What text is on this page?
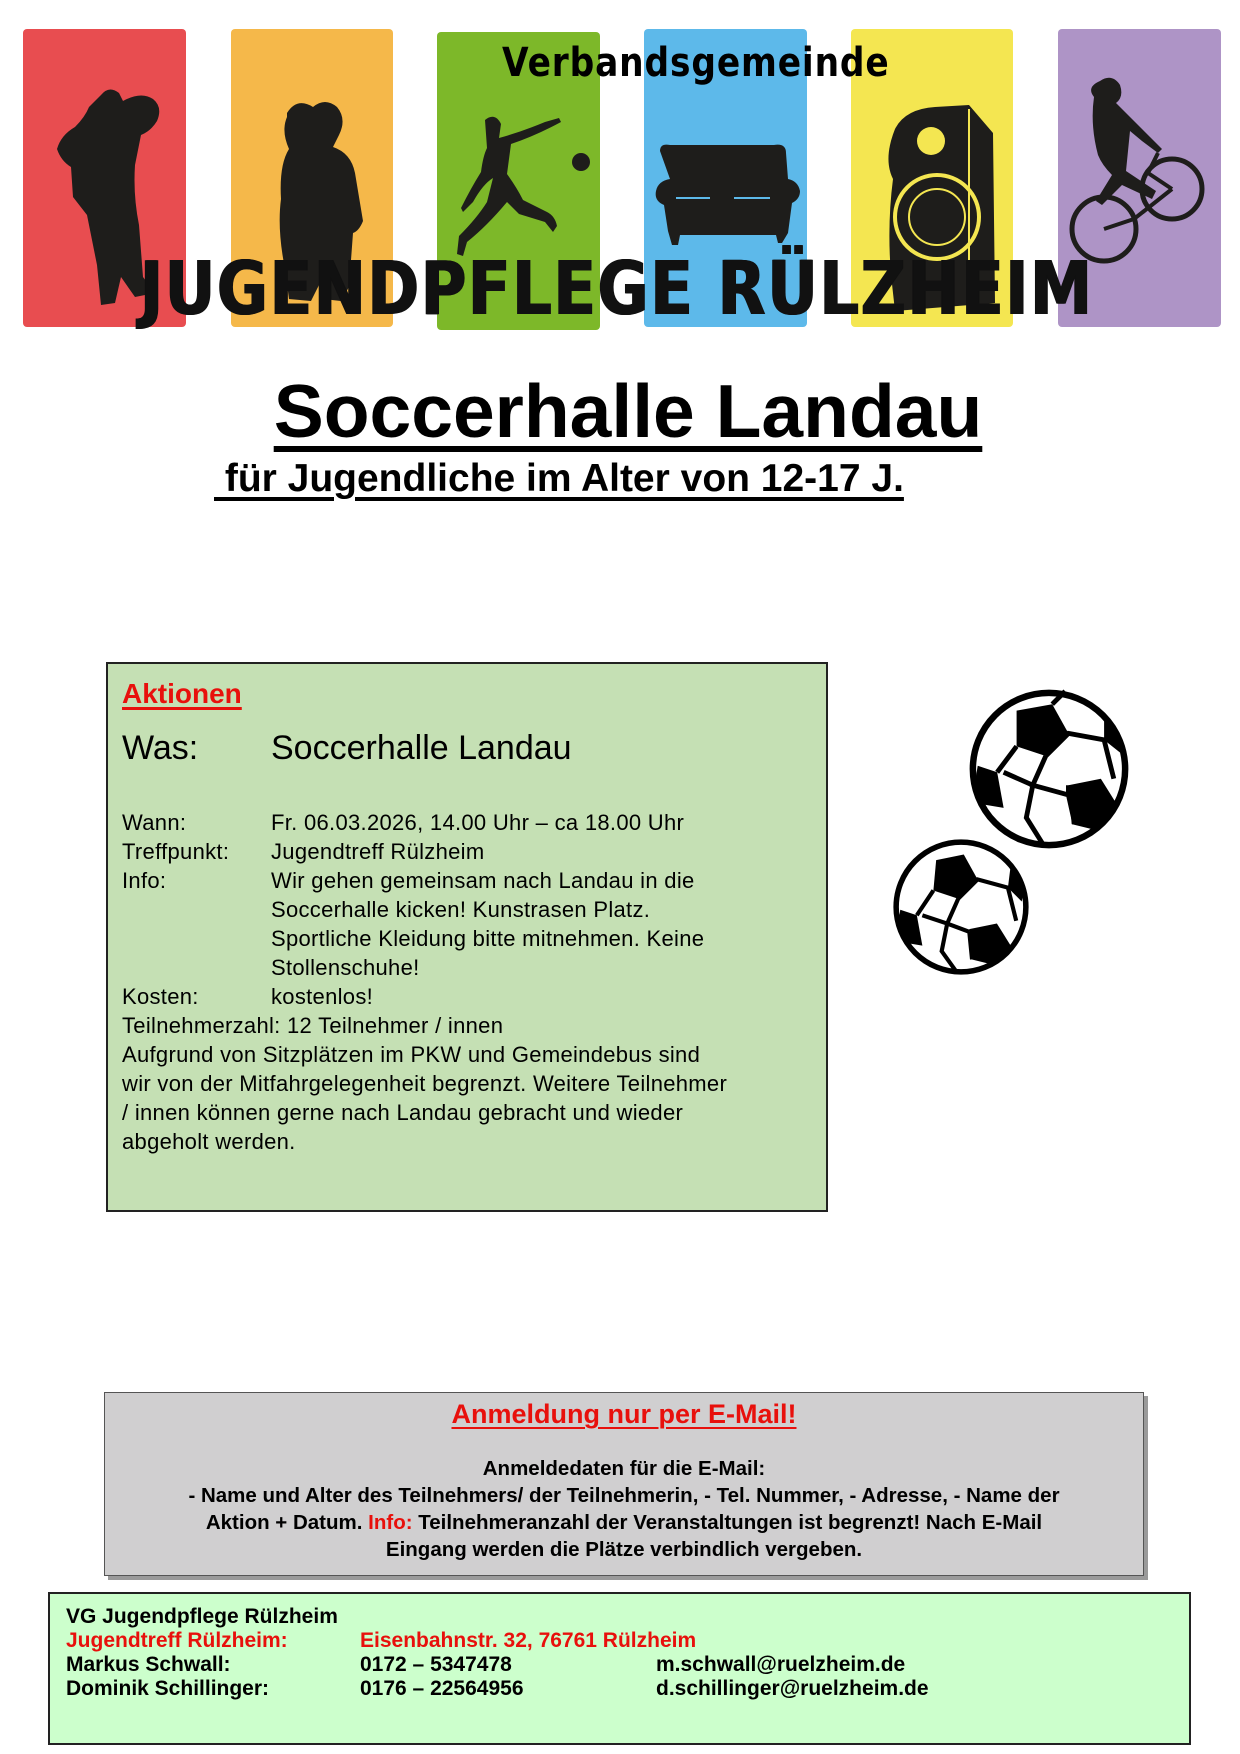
Verbandsgemeinde
JUGENDPFLEGE RÜLZHEIM
Soccerhalle Landau
für Jugendliche im Alter von 12-17 J.
Aktionen
Was: Soccerhalle Landau
Wann:	Fr. 06.03.2026, 14.00 Uhr – ca 18.00 Uhr
Treffpunkt: Jugendtreff Rülzheim
Info:	Wir gehen gemeinsam nach Landau in die Soccerhalle kicken! Kunstrasen Platz. Sportliche Kleidung bitte mitnehmen. Keine Stollenschuhe!
Kosten:	kostenlos!
Teilnehmerzahl: 12 Teilnehmer / innen
Aufgrund von Sitzplätzen im PKW und Gemeindebus sind wir von der Mitfahrgelegenheit begrenzt. Weitere Teilnehmer / innen können gerne nach Landau gebracht und wieder abgeholt werden.
Anmeldung nur per E-Mail!
Anmeldedaten für die E-Mail:
- Name und Alter des Teilnehmers/ der Teilnehmerin, - Tel. Nummer, - Adresse, - Name der
Aktion + Datum. Info: Teilnehmeranzahl der Veranstaltungen ist begrenzt! Nach E-Mail
Eingang werden die Plätze verbindlich vergeben.
VG Jugendpflege Rülzheim
Jugendtreff Rülzheim:	Eisenbahnstr. 32, 76761 Rülzheim
Markus Schwall:	0172 – 5347478	m.schwall@ruelzheim.de
Dominik Schillinger:	0176 – 22564956	d.schillinger@ruelzheim.de
